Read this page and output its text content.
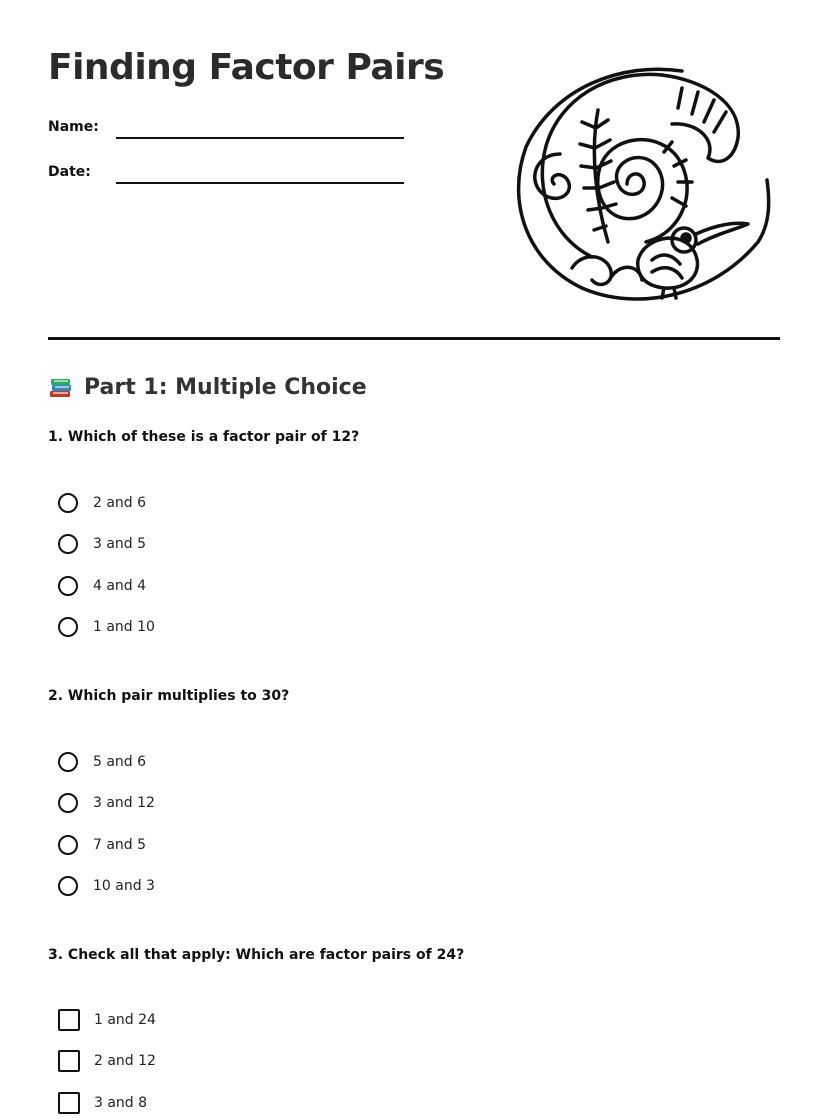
Finding Factor Pairs
Name:
Date:
Part 1: Multiple Choice

1. Which of these is a factor pair of 12?

2 and 6
3 and 5
4 and 4
1 and 10

2. Which pair multiplies to 30?

5 and 6
3 and 12
7 and 5
10 and 3

3. Check all that apply: Which are factor pairs of 24?

1 and 24
2 and 12
3 and 8
